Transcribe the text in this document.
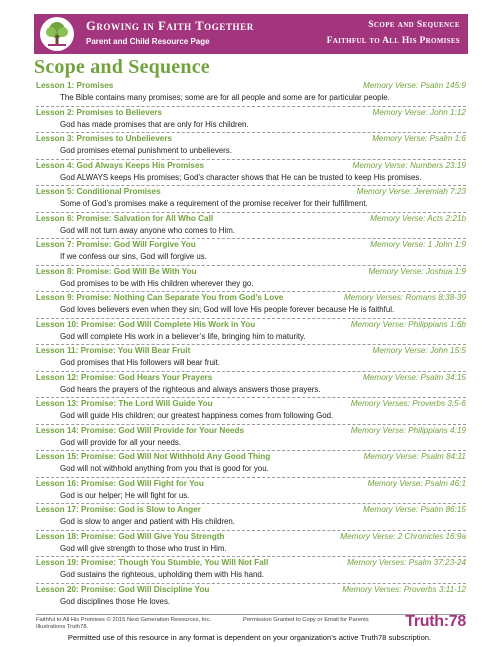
Growing in Faith Together
Parent and Child Resource Page
Scope and Sequence
Faithful to All His Promises
Scope and Sequence
Lesson 1: Promises	Memory Verse: Psalm 145:9
The Bible contains many promises; some are for all people and some are for particular people.
Lesson 2: Promises to Believers	Memory Verse: John 1:12
God has made promises that are only for His children.
Lesson 3: Promises to Unbelievers	Memory Verse: Psalm 1:6
God promises eternal punishment to unbelievers.
Lesson 4: God Always Keeps His Promises	Memory Verse: Numbers 23:19
God ALWAYS keeps His promises; God’s character shows that He can be trusted to keep His promises.
Lesson 5: Conditional Promises	Memory Verse: Jeremiah 7:23
Some of God’s promises make a requirement of the promise receiver for their fulfillment.
Lesson 6: Promise: Salvation for All Who Call	Memory Verse: Acts 2:21b
God will not turn away anyone who comes to Him.
Lesson 7: Promise: God Will Forgive You	Memory Verse: 1 John 1:9
If we confess our sins, God will forgive us.
Lesson 8: Promise: God Will Be With You	Memory Verse: Joshua 1:9
God promises to be with His children wherever they go.
Lesson 9: Promise: Nothing Can Separate You from God’s Love	Memory Verses: Romans 8:38-39
God loves believers even when they sin; God will love His people forever because He is faithful.
Lesson 10: Promise: God Will Complete His Work in You	Memory Verse: Philippians 1:6b
God will complete His work in a believer’s life, bringing him to maturity.
Lesson 11: Promise: You Will Bear Fruit	Memory Verse: John 15:5
God promises that His followers will bear fruit.
Lesson 12: Promise: God Hears Your Prayers	Memory Verse: Psalm 34:15
God hears the prayers of the righteous and always answers those prayers.
Lesson 13: Promise: The Lord Will Guide You	Memory Verses: Proverbs 3:5-6
God will guide His children; our greatest happiness comes from following God.
Lesson 14: Promise: God Will Provide for Your Needs	Memory Verse: Philippians 4:19
God will provide for all your needs.
Lesson 15: Promise: God Will Not Withhold Any Good Thing	Memory Verse: Psalm 84:11
God will not withhold anything from you that is good for you.
Lesson 16: Promise: God Will Fight for You	Memory Verse: Psalm 46:1
God is our helper; He will fight for us.
Lesson 17: Promise: God is Slow to Anger	Memory Verse: Psalm 86:15
God is slow to anger and patient with His children.
Lesson 18: Promise: God Will Give You Strength	Memory Verse: 2 Chronicles 16:9a
God will give strength to those who trust in Him.
Lesson 19: Promise: Though You Stumble, You Will Not Fall	Memory Verses: Psalm 37:23-24
God sustains the righteous, upholding them with His hand.
Lesson 20: Promise: God Will Discipline You	Memory Verses: Proverbs 3:11-12
God disciplines those He loves.
Faithful to All His Promises © 2015 Next Generation Resources, Inc.	Permission Granted to Copy or Email for Parents
Illustrations Truth78.	Truth:78
Permitted use of this resource in any format is dependent on your organization’s active Truth78 subscription.
